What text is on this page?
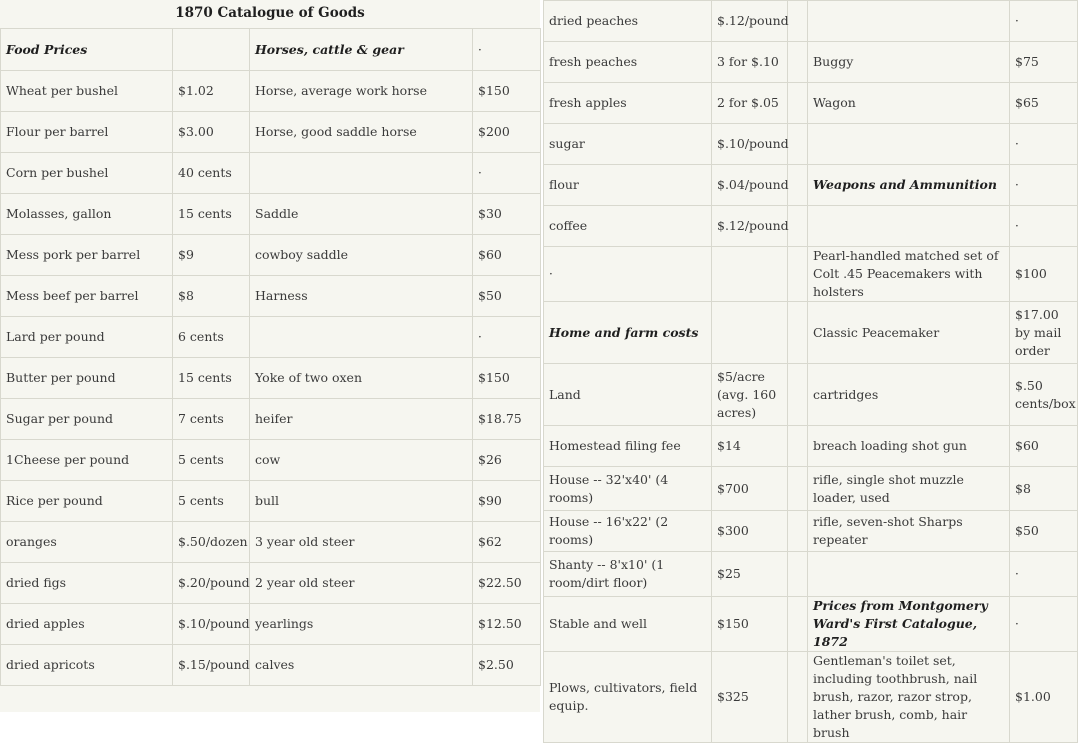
1870 Catalogue of Goods
Food Prices		Horses, cattle & gear	·
Wheat per bushel	$1.02	Horse, average work horse	$150
Flour per barrel	$3.00	Horse, good saddle horse	$200
Corn per bushel	40 cents		·
Molasses, gallon	15 cents	Saddle	$30
Mess pork per barrel	$9	cowboy saddle	$60
Mess beef per barrel	$8	Harness	$50
Lard per pound	6 cents		·
Butter per pound	15 cents	Yoke of two oxen	$150
Sugar per pound	7 cents	heifer	$18.75
1Cheese per pound	5 cents	cow	$26
Rice per pound	5 cents	bull	$90
oranges	$.50/dozen	3 year old steer	$62
dried figs	$.20/pound	2 year old steer	$22.50
dried apples	$.10/pound	yearlings	$12.50
dried apricots	$.15/pound	calves	$2.50
dried peaches	$.12/pound			·
fresh peaches	3 for $.10		Buggy	$75
fresh apples	2 for $.05		Wagon	$65
sugar	$.10/pound			·
flour	$.04/pound		Weapons and Ammunition	·
coffee	$.12/pound			·
·			Pearl-handled matched set of Colt .45 Peacemakers with holsters	$100
Home and farm costs			Classic Peacemaker	$17.00 by mail order
Land	$5/acre (avg. 160 acres)		cartridges	$.50 cents/box
Homestead filing fee	$14		breach loading shot gun	$60
House -- 32'x40' (4 rooms)	$700		rifle, single shot muzzle loader, used	$8
House -- 16'x22' (2 rooms)	$300		rifle, seven-shot Sharps repeater	$50
Shanty -- 8'x10' (1 room/dirt floor)	$25			·
Stable and well	$150		Prices from Montgomery Ward's First Catalogue, 1872	·
Plows, cultivators, field equip.	$325		Gentleman's toilet set, including toothbrush, nail brush, razor, razor strop, lather brush, comb, hair brush	$1.00
